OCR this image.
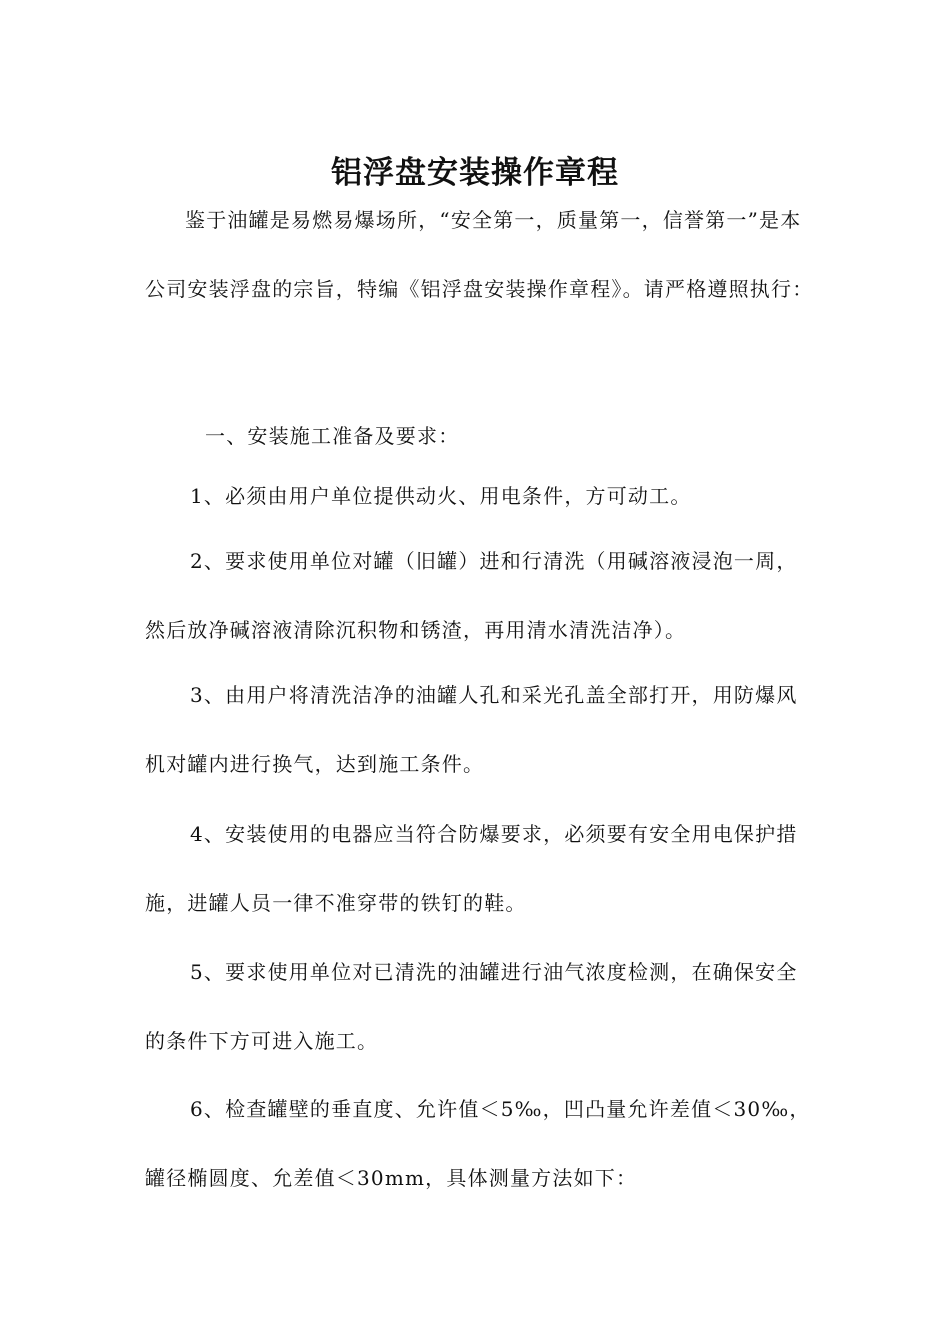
铝浮盘安装操作章程

鉴于油罐是易燃易爆场所，“安全第一，质量第一，信誉第一”是本公司安装浮盘的宗旨，特编《铝浮盘安装操作章程》。请严格遵照执行：

一、安装施工准备及要求：

1、必须由用户单位提供动火、用电条件，方可动工。

2、要求使用单位对罐（旧罐）进和行清洗（用碱溶液浸泡一周，然后放净碱溶液清除沉积物和锈渣，再用清水清洗洁净）。

3、由用户将清洗洁净的油罐人孔和采光孔盖全部打开，用防爆风机对罐内进行换气，达到施工条件。

4、安装使用的电器应当符合防爆要求，必须要有安全用电保护措施，进罐人员一律不准穿带的铁钉的鞋。

5、要求使用单位对已清洗的油罐进行油气浓度检测，在确保安全的条件下方可进入施工。

6、检查罐壁的垂直度、允许值＜5‰，凹凸量允许差值＜30‰，罐径椭圆度、允差值＜30mm，具体测量方法如下：
